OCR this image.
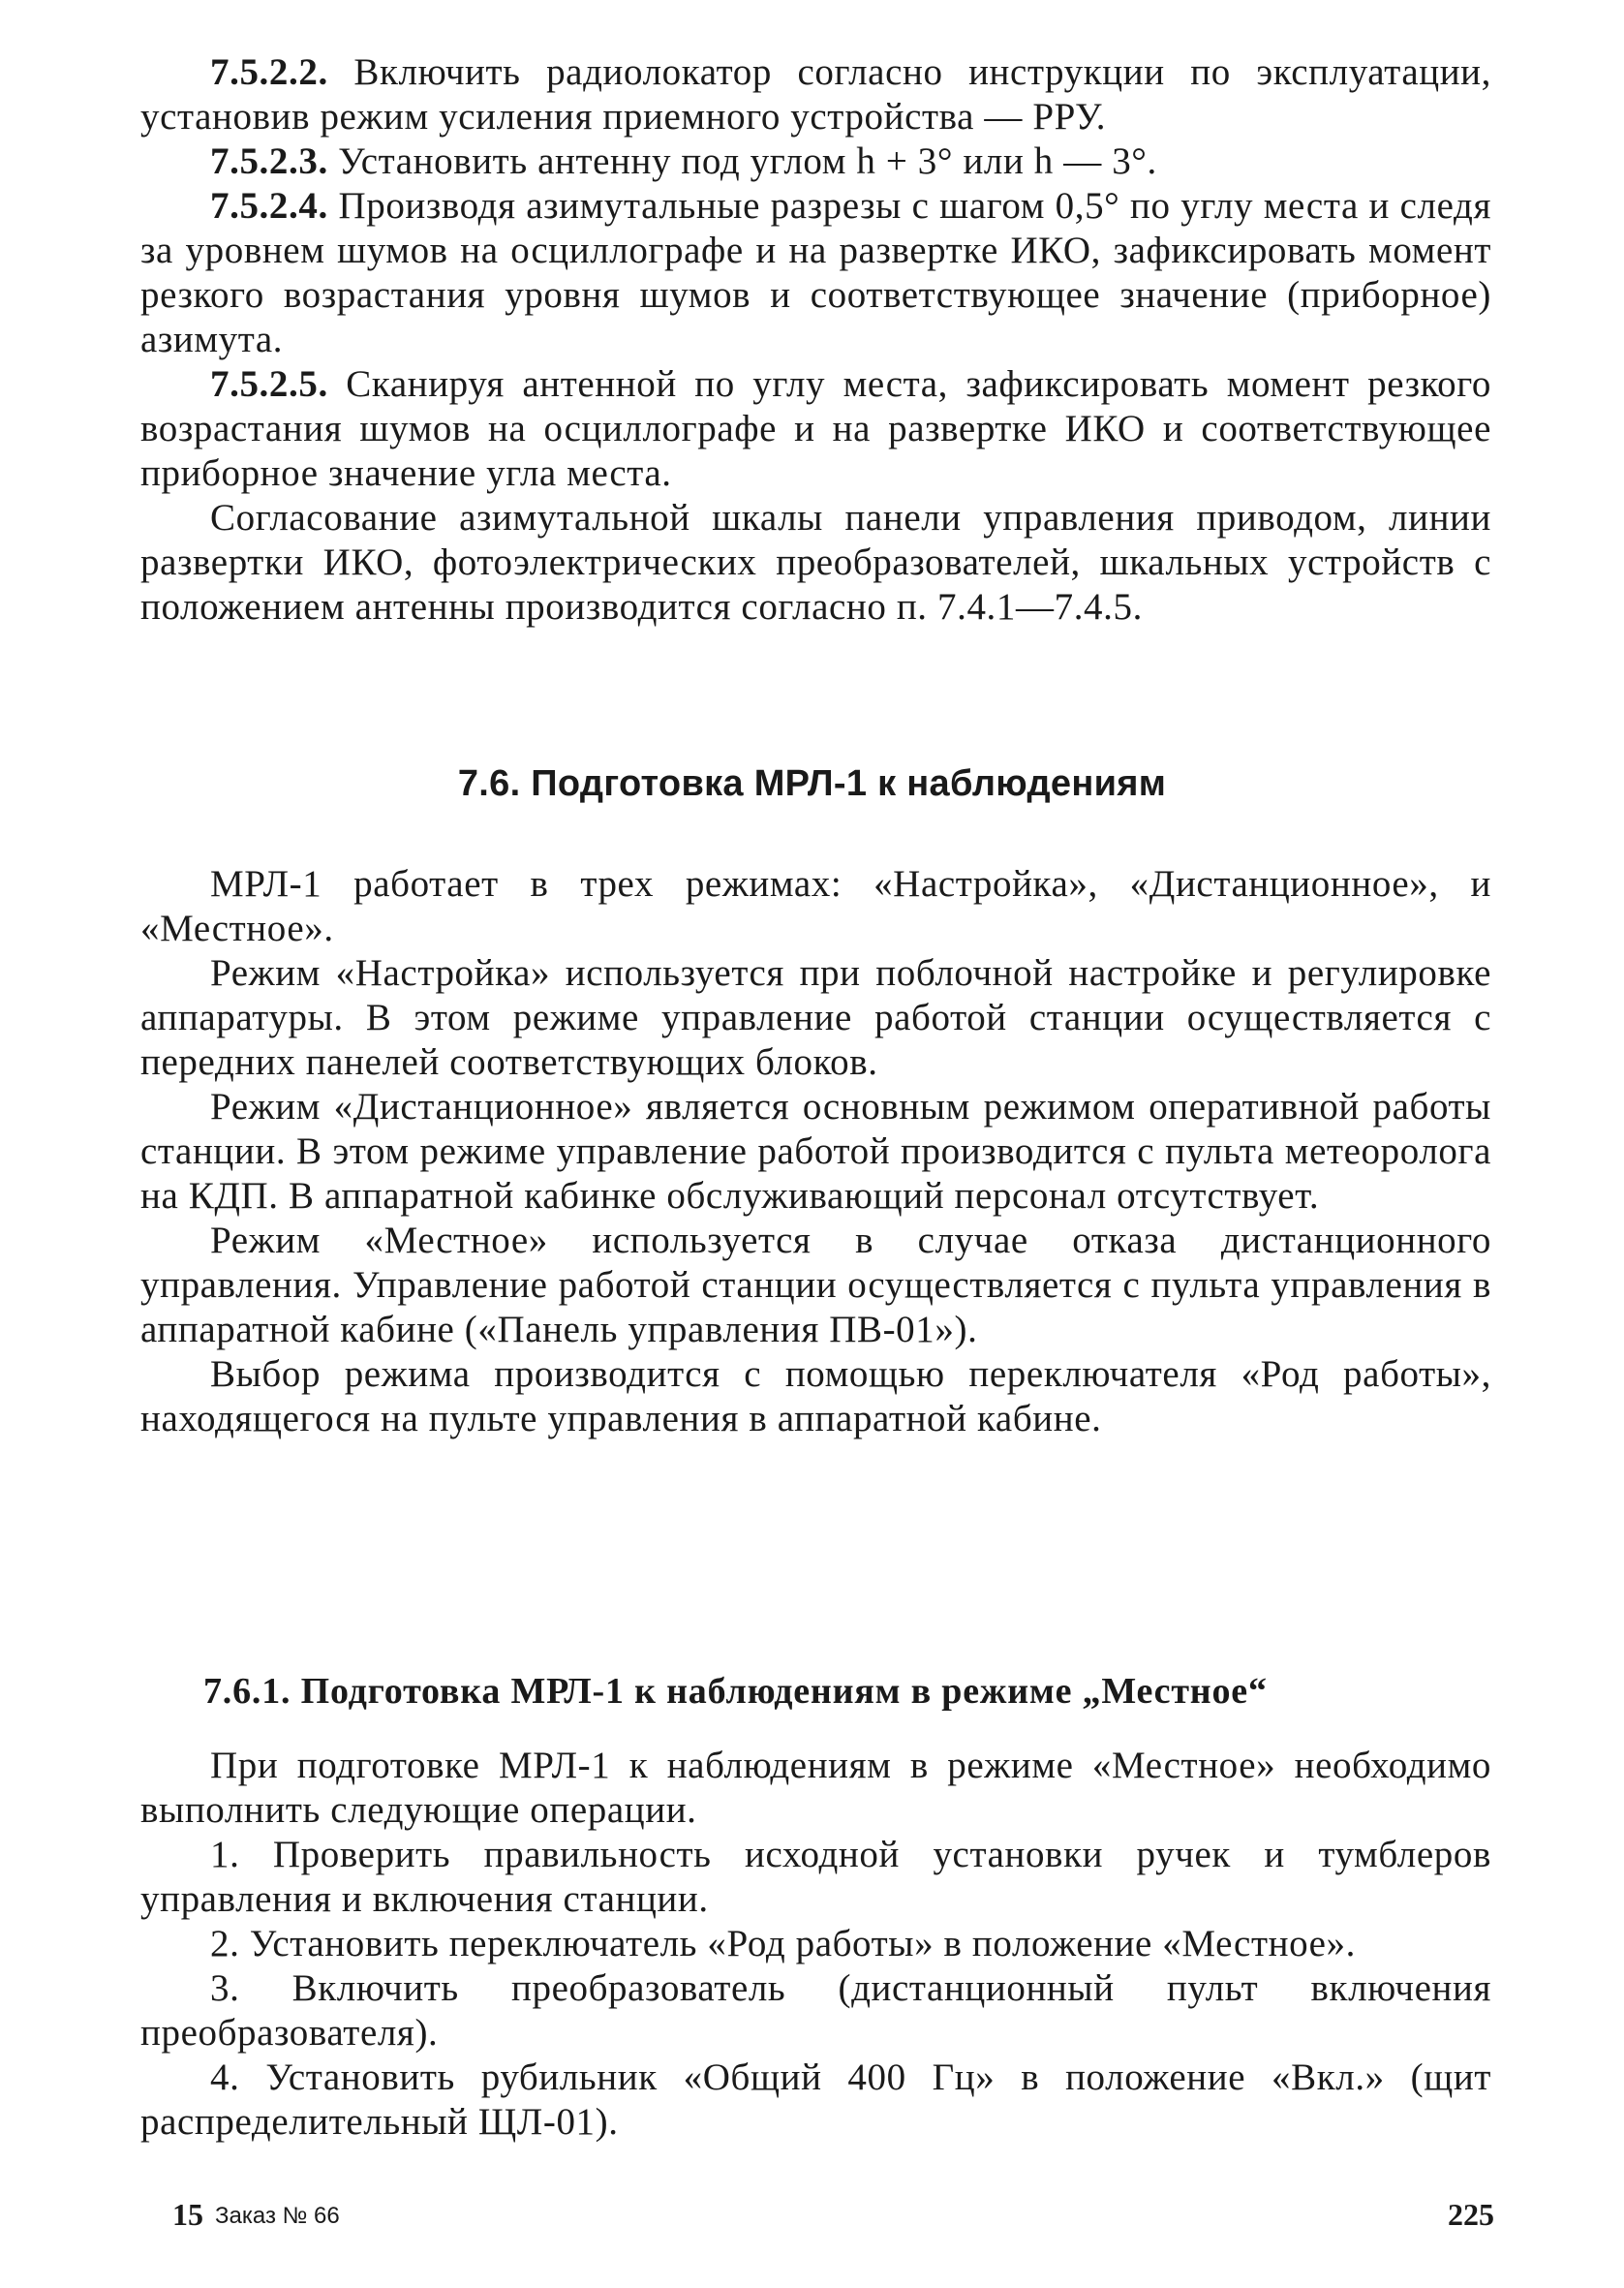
7.5.2.2. Включить радиолокатор согласно инструкции по эксплуатации, установив режим усиления приемного устройства — РРУ.

7.5.2.3. Установить антенну под углом h + 3° или h — 3°.

7.5.2.4. Производя азимутальные разрезы с шагом 0,5° по углу места и следя за уровнем шумов на осциллографе и на развертке ИКО, зафиксировать момент резкого возрастания уровня шумов и соответствующее значение (приборное) азимута.

7.5.2.5. Сканируя антенной по углу места, зафиксировать момент резкого возрастания шумов на осциллографе и на развертке ИКО и соответствующее приборное значение угла места.

Согласование азимутальной шкалы панели управления приводом, линии развертки ИКО, фотоэлектрических преобразователей, шкальных устройств с положением антенны производится согласно п. 7.4.1—7.4.5.

7.6. Подготовка МРЛ-1 к наблюдениям

МРЛ-1 работает в трех режимах: «Настройка», «Дистанционное», и «Местное».

Режим «Настройка» используется при поблочной настройке и регулировке аппаратуры. В этом режиме управление работой станции осуществляется с передних панелей соответствующих блоков.

Режим «Дистанционное» является основным режимом оперативной работы станции. В этом режиме управление работой производится с пульта метеоролога на КДП. В аппаратной кабинке обслуживающий персонал отсутствует.

Режим «Местное» используется в случае отказа дистанционного управления. Управление работой станции осуществляется с пульта управления в аппаратной кабине («Панель управления ПВ-01»).

Выбор режима производится с помощью переключателя «Род работы», находящегося на пульте управления в аппаратной кабине.

7.6.1. Подготовка МРЛ-1 к наблюдениям в режиме „Местное“

При подготовке МРЛ-1 к наблюдениям в режиме «Местное» необходимо выполнить следующие операции.

1. Проверить правильность исходной установки ручек и тумблеров управления и включения станции.

2. Установить переключатель «Род работы» в положение «Местное».

3. Включить преобразователь (дистанционный пульт включения преобразователя).

4. Установить рубильник «Общий 400 Гц» в положение «Вкл.» (щит распределительный ЩЛ-01).

15 Заказ № 66	225
